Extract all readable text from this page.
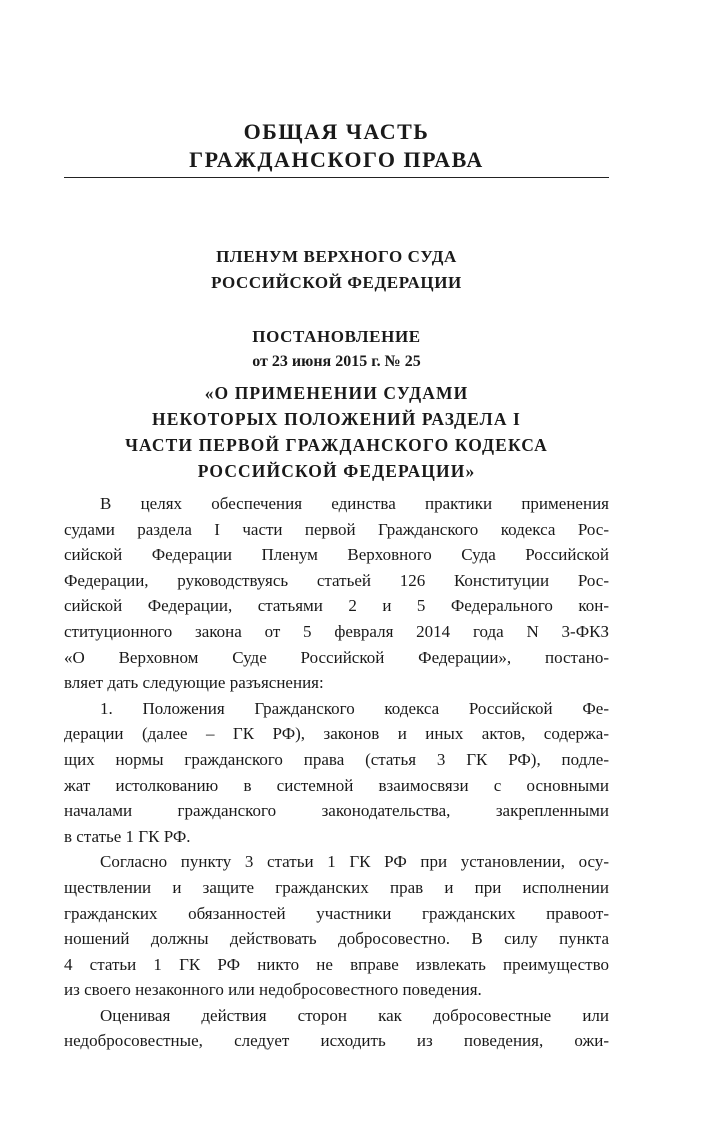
ОБЩАЯ ЧАСТЬ
ГРАЖДАНСКОГО ПРАВА
ПЛЕНУМ ВЕРХНОГО СУДА
РОССИЙСКОЙ ФЕДЕРАЦИИ
ПОСТАНОВЛЕНИЕ
от 23 июня 2015 г. № 25
«О ПРИМЕНЕНИИ СУДАМИ
НЕКОТОРЫХ ПОЛОЖЕНИЙ РАЗДЕЛА I
ЧАСТИ ПЕРВОЙ ГРАЖДАНСКОГО КОДЕКСА
РОССИЙСКОЙ ФЕДЕРАЦИИ»
В целях обеспечения единства практики применения
судами раздела I части первой Гражданского кодекса Рос-
сийской Федерации Пленум Верховного Суда Российской
Федерации, руководствуясь статьей 126 Конституции Рос-
сийской Федерации, статьями 2 и 5 Федерального кон-
ституционного закона от 5 февраля 2014 года N 3-ФКЗ
«О Верховном Суде Российской Федерации», постано-
вляет дать следующие разъяснения:
1. Положения Гражданского кодекса Российской Фе-
дерации (далее – ГК РФ), законов и иных актов, содержа-
щих нормы гражданского права (статья 3 ГК РФ), подле-
жат истолкованию в системной взаимосвязи с основными
началами гражданского законодательства, закрепленными
в статье 1 ГК РФ.
Согласно пункту 3 статьи 1 ГК РФ при установлении, осу-
ществлении и защите гражданских прав и при исполнении
гражданских обязанностей участники гражданских правоот-
ношений должны действовать добросовестно. В силу пункта
4 статьи 1 ГК РФ никто не вправе извлекать преимущество
из своего незаконного или недобросовестного поведения.
Оценивая действия сторон как добросовестные или
недобросовестные, следует исходить из поведения, ожи-
